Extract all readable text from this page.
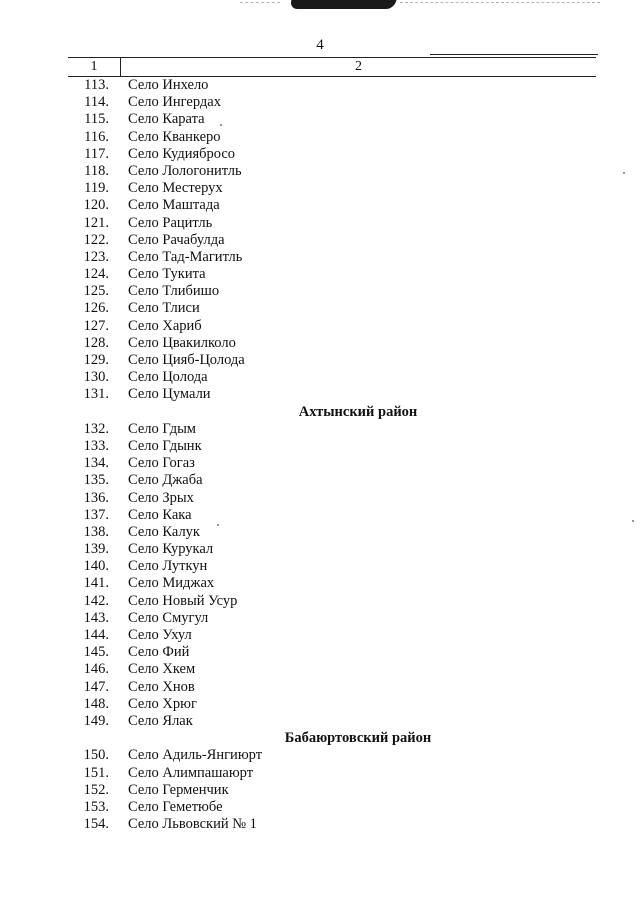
4
1	2
113. Село Инхело
114. Село Ингердах
115. Село Карата
116. Село Кванкеро
117. Село Кудиябросо
118. Село Лологонитль
119. Село Местерух
120. Село Маштада
121. Село Рацитль
122. Село Рачабулда
123. Село Тад-Магитль
124. Село Тукита
125. Село Тлибишо
126. Село Тлиси
127. Село Хариб
128. Село Цвакилколо
129. Село Цияб-Цолода
130. Село Цолода
131. Село Цумали
Ахтынский район
132. Село Гдым
133. Село Гдынк
134. Село Гогаз
135. Село Джаба
136. Село Зрых
137. Село Кака
138. Село Калук
139. Село Курукал
140. Село Луткун
141. Село Миджах
142. Село Новый Усур
143. Село Смугул
144. Село Ухул
145. Село Фий
146. Село Хкем
147. Село Хнов
148. Село Хрюг
149. Село Ялак
Бабаюртовский район
150. Село Адиль-Янгиюрт
151. Село Алимпашаюрт
152. Село Герменчик
153. Село Геметюбе
154. Село Львовский № 1
